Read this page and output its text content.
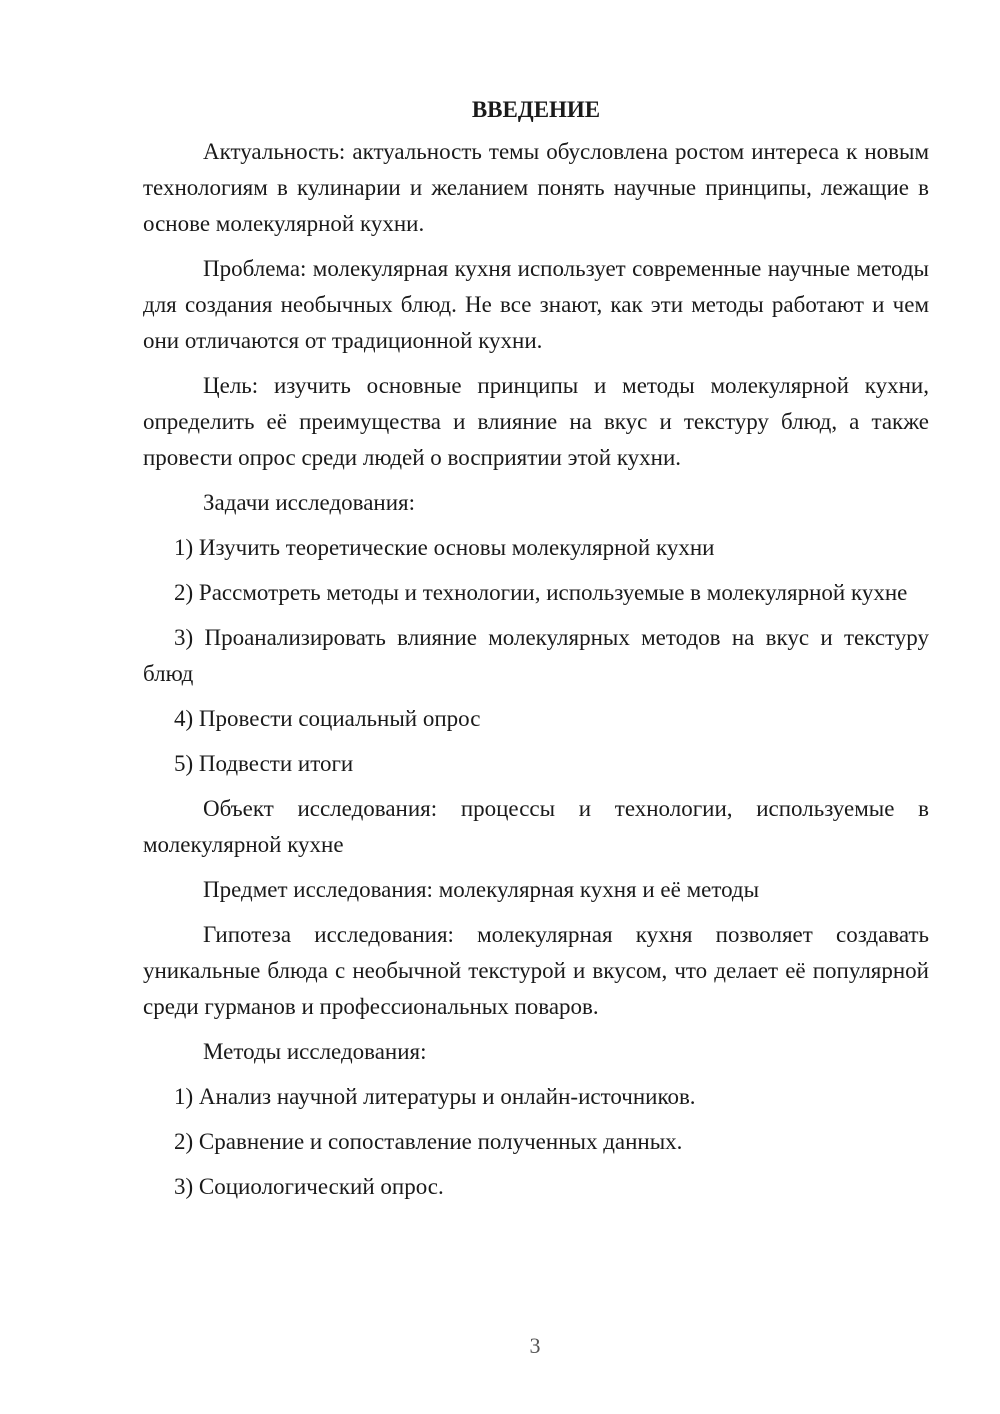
ВВЕДЕНИЕ

Актуальность: актуальность темы обусловлена ростом интереса к новым технологиям в кулинарии и желанием понять научные принципы, лежащие в основе молекулярной кухни.

Проблема: молекулярная кухня использует современные научные методы для создания необычных блюд. Не все знают, как эти методы работают и чем они отличаются от традиционной кухни.

Цель: изучить основные принципы и методы молекулярной кухни, определить её преимущества и влияние на вкус и текстуру блюд, а также провести опрос среди людей о восприятии этой кухни.

Задачи исследования:

1) Изучить теоретические основы молекулярной кухни

2) Рассмотреть методы и технологии, используемые в молекулярной кухне

3) Проанализировать влияние молекулярных методов на вкус и текстуру блюд

4) Провести социальный опрос

5) Подвести итоги

Объект исследования: процессы и технологии, используемые в молекулярной кухне

Предмет исследования: молекулярная кухня и её методы

Гипотеза исследования: молекулярная кухня позволяет создавать уникальные блюда с необычной текстурой и вкусом, что делает её популярной среди гурманов и профессиональных поваров.

Методы исследования:

1) Анализ научной литературы и онлайн-источников.

2) Сравнение и сопоставление полученных данных.

3) Социологический опрос.

3
